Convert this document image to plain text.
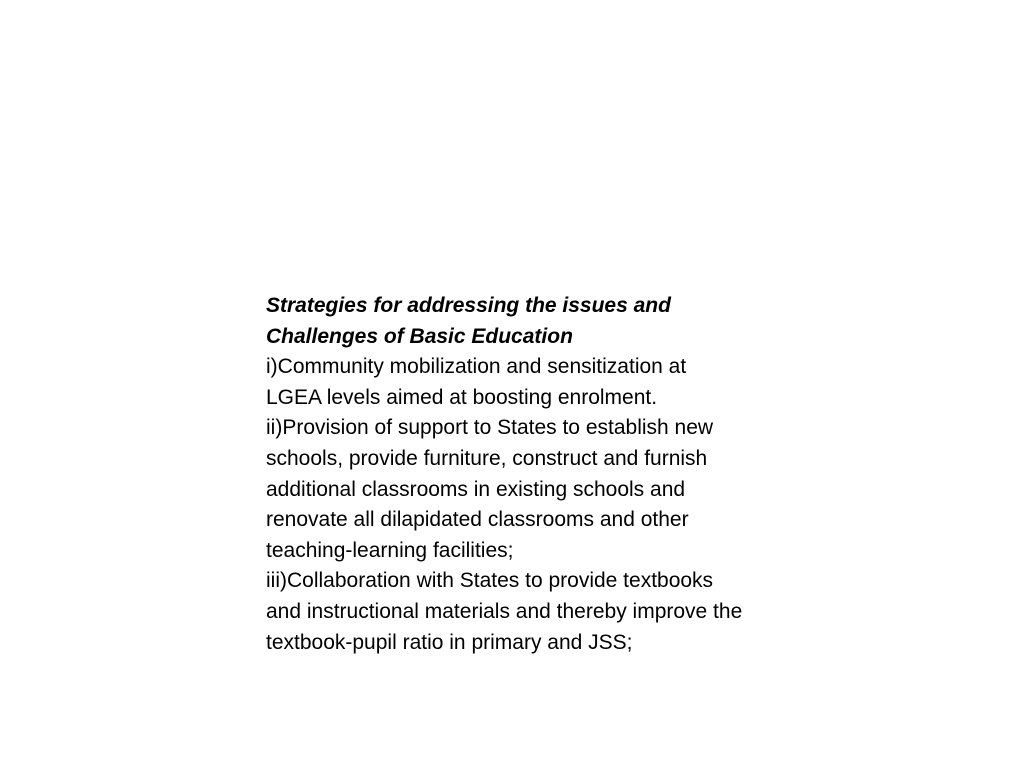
Strategies for addressing the issues and Challenges of Basic Education

i)Community mobilization and sensitization at LGEA levels aimed at boosting enrolment.

ii)Provision of support to States to establish new schools, provide furniture, construct and furnish additional classrooms in existing schools and renovate all dilapidated classrooms and other teaching-learning facilities;

iii)Collaboration with States to provide textbooks and instructional materials and thereby improve the textbook-pupil ratio in primary and JSS;
